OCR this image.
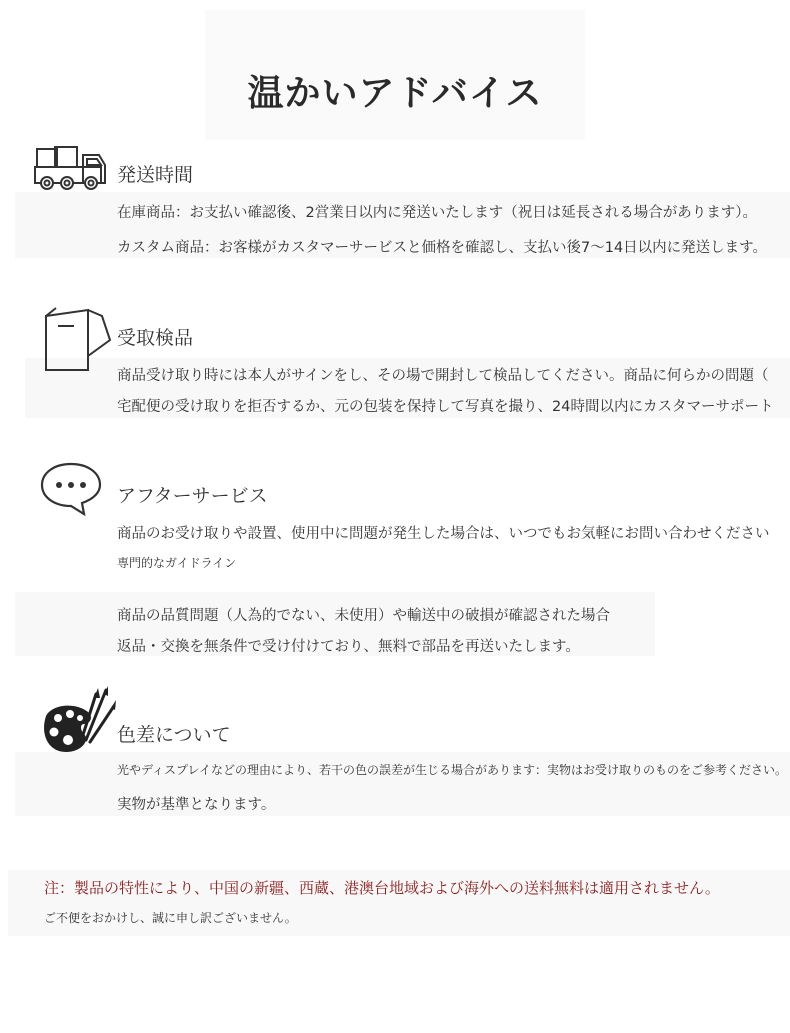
温かいアドバイス
発送時間
在庫商品：お支払い確認後、2営業日以内に発送いたします（祝日は延長される場合があります）。
カスタム商品：お客様がカスタマーサービスと価格を確認し、支払い後7〜14日以内に発送します。
受取検品
商品受け取り時には本人がサインをし、その場で開封して検品してください。商品に何らかの問題（
宅配便の受け取りを拒否するか、元の包装を保持して写真を撮り、24時間以内にカスタマーサポート
アフターサービス
商品のお受け取りや設置、使用中に問題が発生した場合は、いつでもお気軽にお問い合わせください
専門的なガイドライン
商品の品質問題（人為的でない、未使用）や輸送中の破損が確認された場合
返品・交換を無条件で受け付けており、無料で部品を再送いたします。
色差について
光やディスプレイなどの理由により、若干の色の誤差が生じる場合があります：実物はお受け取りのものをご参考ください。
実物が基準となります。
注：製品の特性により、中国の新疆、西蔵、港澳台地域および海外への送料無料は適用されません。
ご不便をおかけし、誠に申し訳ございません。
